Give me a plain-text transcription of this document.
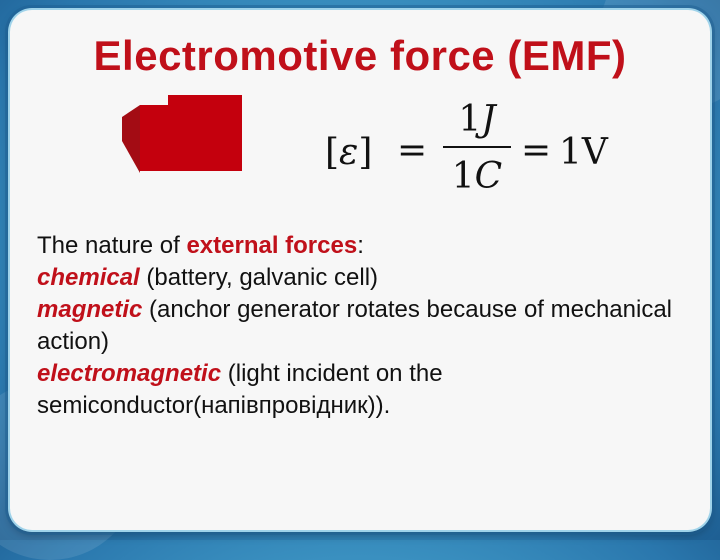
Electromotive force (EMF)
[ε] =
1J
1C
= 1V
The nature of external forces:
chemical (battery, galvanic cell)
magnetic (anchor generator rotates because of mechanical action)
electromagnetic (light incident on the semiconductor(напівпровідник)).
